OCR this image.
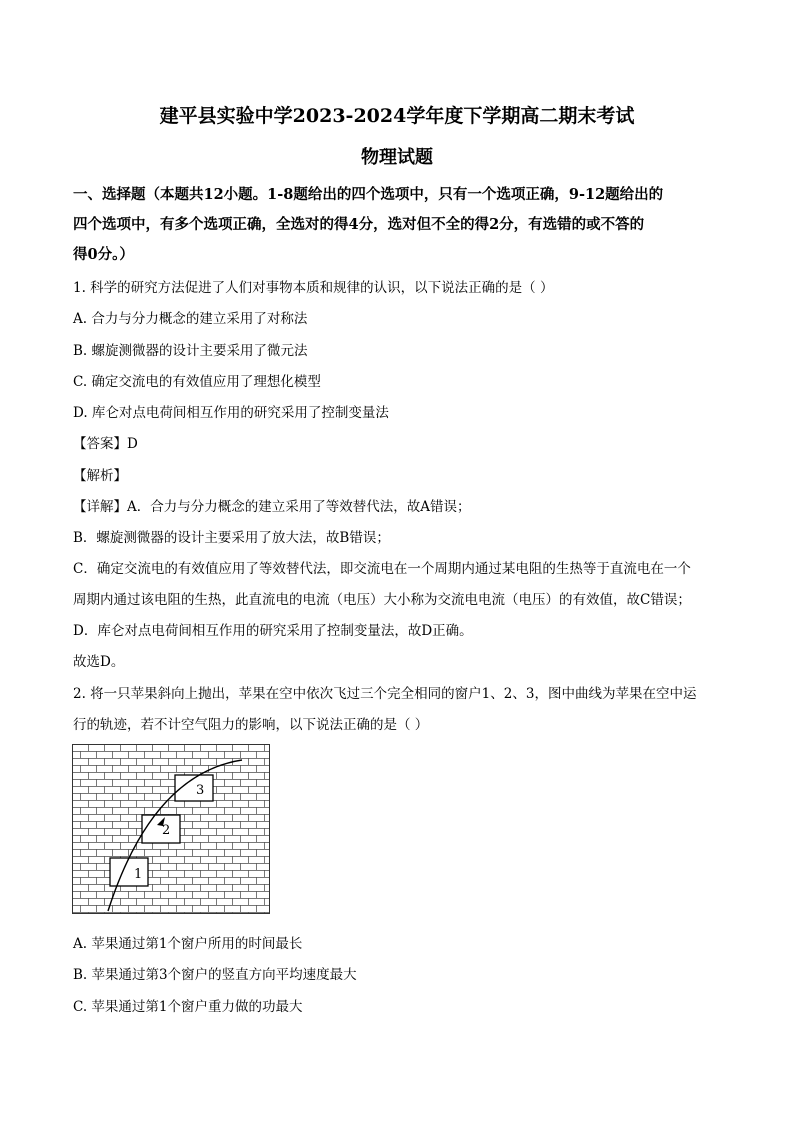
建平县实验中学2023-2024学年度下学期高二期末考试
物理试题
一、选择题（本题共12小题。1-8题给出的四个选项中，只有一个选项正确，9-12题给出的
四个选项中，有多个选项正确，全选对的得4分，选对但不全的得2分，有选错的或不答的
得0分。）
1. 科学的研究方法促进了人们对事物本质和规律的认识，以下说法正确的是（ ）
A. 合力与分力概念的建立采用了对称法
B. 螺旋测微器的设计主要采用了微元法
C. 确定交流电的有效值应用了理想化模型
D. 库仑对点电荷间相互作用的研究采用了控制变量法
【答案】D
【解析】
【详解】A．合力与分力概念的建立采用了等效替代法，故A错误；
B．螺旋测微器的设计主要采用了放大法，故B错误；
C．确定交流电的有效值应用了等效替代法，即交流电在一个周期内通过某电阻的生热等于直流电在一个
周期内通过该电阻的生热，此直流电的电流（电压）大小称为交流电电流（电压）的有效值，故C错误；
D．库仑对点电荷间相互作用的研究采用了控制变量法，故D正确。
故选D。
2. 将一只苹果斜向上抛出，苹果在空中依次飞过三个完全相同的窗户1、2、3，图中曲线为苹果在空中运
行的轨迹，若不计空气阻力的影响，以下说法正确的是（ ）
1
2
3
A. 苹果通过第1个窗户所用的时间最长
B. 苹果通过第3个窗户的竖直方向平均速度最大
C. 苹果通过第1个窗户重力做的功最大
